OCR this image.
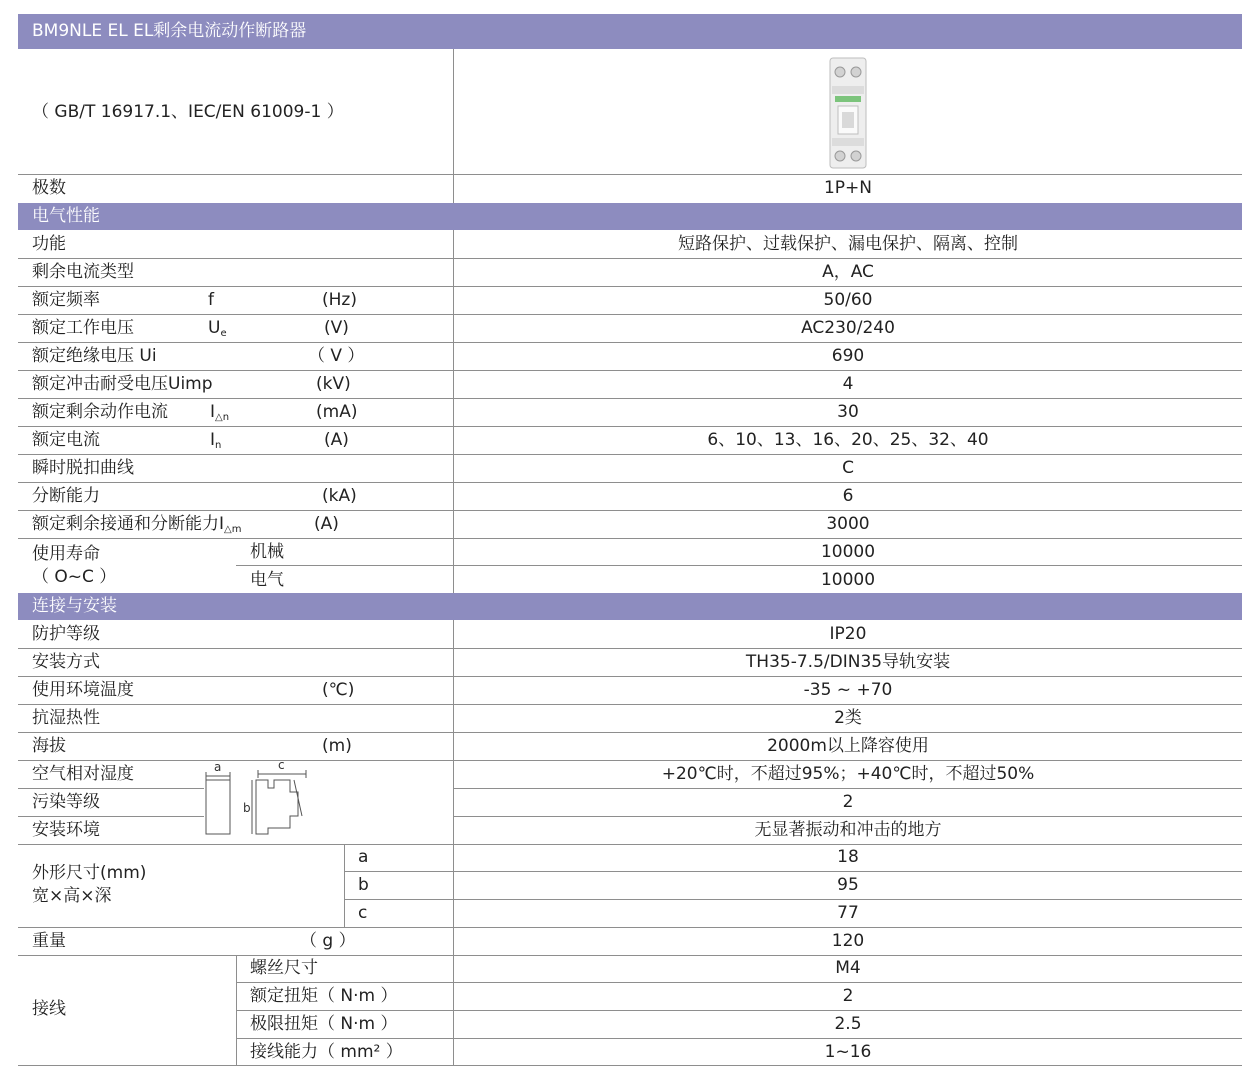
BM9NLE EL EL剩余电流动作断路器
（ GB/T 16917.1、IEC/EN 61009-1 ）
极数	1P+N
电气性能
功能	短路保护、过载保护、漏电保护、隔离、控制
剩余电流类型	A，AC
额定频率	f	(Hz)	50/60
额定工作电压	$U_e$	(V)	AC230/240
额定绝缘电压 Ui	（ V ）	690
额定冲击耐受电压Uimp	(kV)	4
额定剩余动作电流 $I_{\triangle n}$	(mA)	30
额定电流	$I_n$	(A)	6、10、13、16、20、25、32、40
瞬时脱扣曲线	C
分断能力	(kA)	6
额定剩余接通和分断能力$I_{\triangle m}$	(A)	3000
使用寿命
（ O~C ）
机械	10000
电气	10000
连接与安装
防护等级	IP20
安装方式	TH35-7.5/DIN35导轨安装
使用环境温度	(℃)	-35 ~ +70
抗湿热性	2类
海拔	(m)	2000m以上降容使用
空气相对湿度	+20℃时，不超过95%；+40℃时，不超过50%
污染等级	2
安装环境	无显著振动和冲击的地方
a	c
b
外形尺寸(mm)
宽×高×深
a	18
b	95
c	77
重量	（ g ）	120
接线
螺丝尺寸	M4
额定扭矩（ N·m ）	2
极限扭矩（ N·m ）	2.5
接线能力（ mm² ）	1~16
